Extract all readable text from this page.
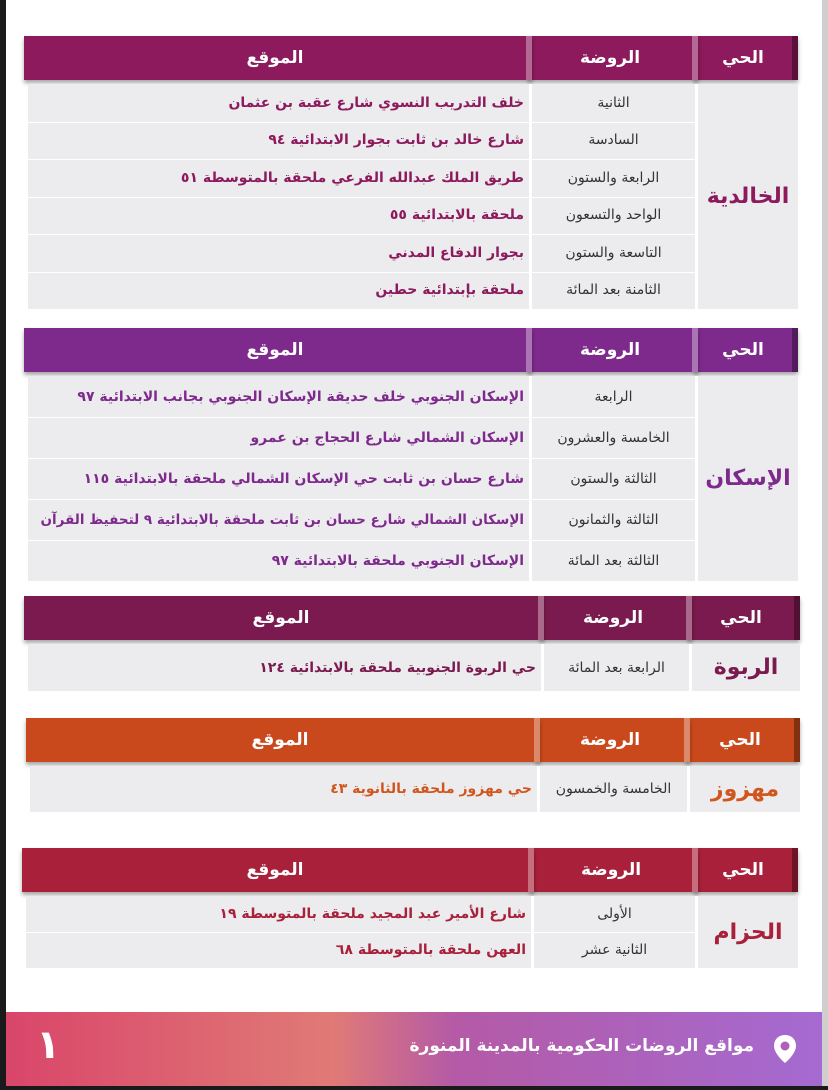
الحي
الروضة
الموقع
الخالدية
الثانية
خلف التدريب النسوي شارع عقبة بن عثمان
السادسة
شارع خالد بن ثابت بجوار الابتدائية ٩٤
الرابعة والستون
طريق الملك عبدالله الفرعي ملحقة بالمتوسطة ٥١
الواحد والتسعون
ملحقة بالابتدائية ٥٥
التاسعة والستون
بجوار الدفاع المدني
الثامنة بعد المائة
ملحقة بإبتدائية حطين
الحي
الروضة
الموقع
الإسكان
الرابعة
الإسكان الجنوبي خلف حديقة الإسكان الجنوبي بجانب الابتدائية ٩٧
الخامسة والعشرون
الإسكان الشمالي شارع الحجاج بن عمرو
الثالثة والستون
شارع حسان بن ثابت حي الإسكان الشمالي ملحقة بالابتدائية ١١٥
الثالثة والثمانون
الإسكان الشمالي شارع حسان بن ثابت ملحقة بالابتدائية ٩ لتحفيظ القرآن
الثالثة بعد المائة
الإسكان الجنوبي ملحقة بالابتدائية ٩٧
الحي
الروضة
الموقع
الربوة
الرابعة بعد المائة
حي الربوة الجنوبية ملحقة بالابتدائية ١٢٤
الحي
الروضة
الموقع
مهزوز
الخامسة والخمسون
حي مهزوز ملحقة بالثانوية ٤٣
الحي
الروضة
الموقع
الحزام
الأولى
شارع الأمير عبد المجيد ملحقة بالمتوسطة ١٩
الثانية عشر
العهن ملحقة بالمتوسطة ٦٨
مواقع الروضات الحكومية بالمدينة المنورة
١
